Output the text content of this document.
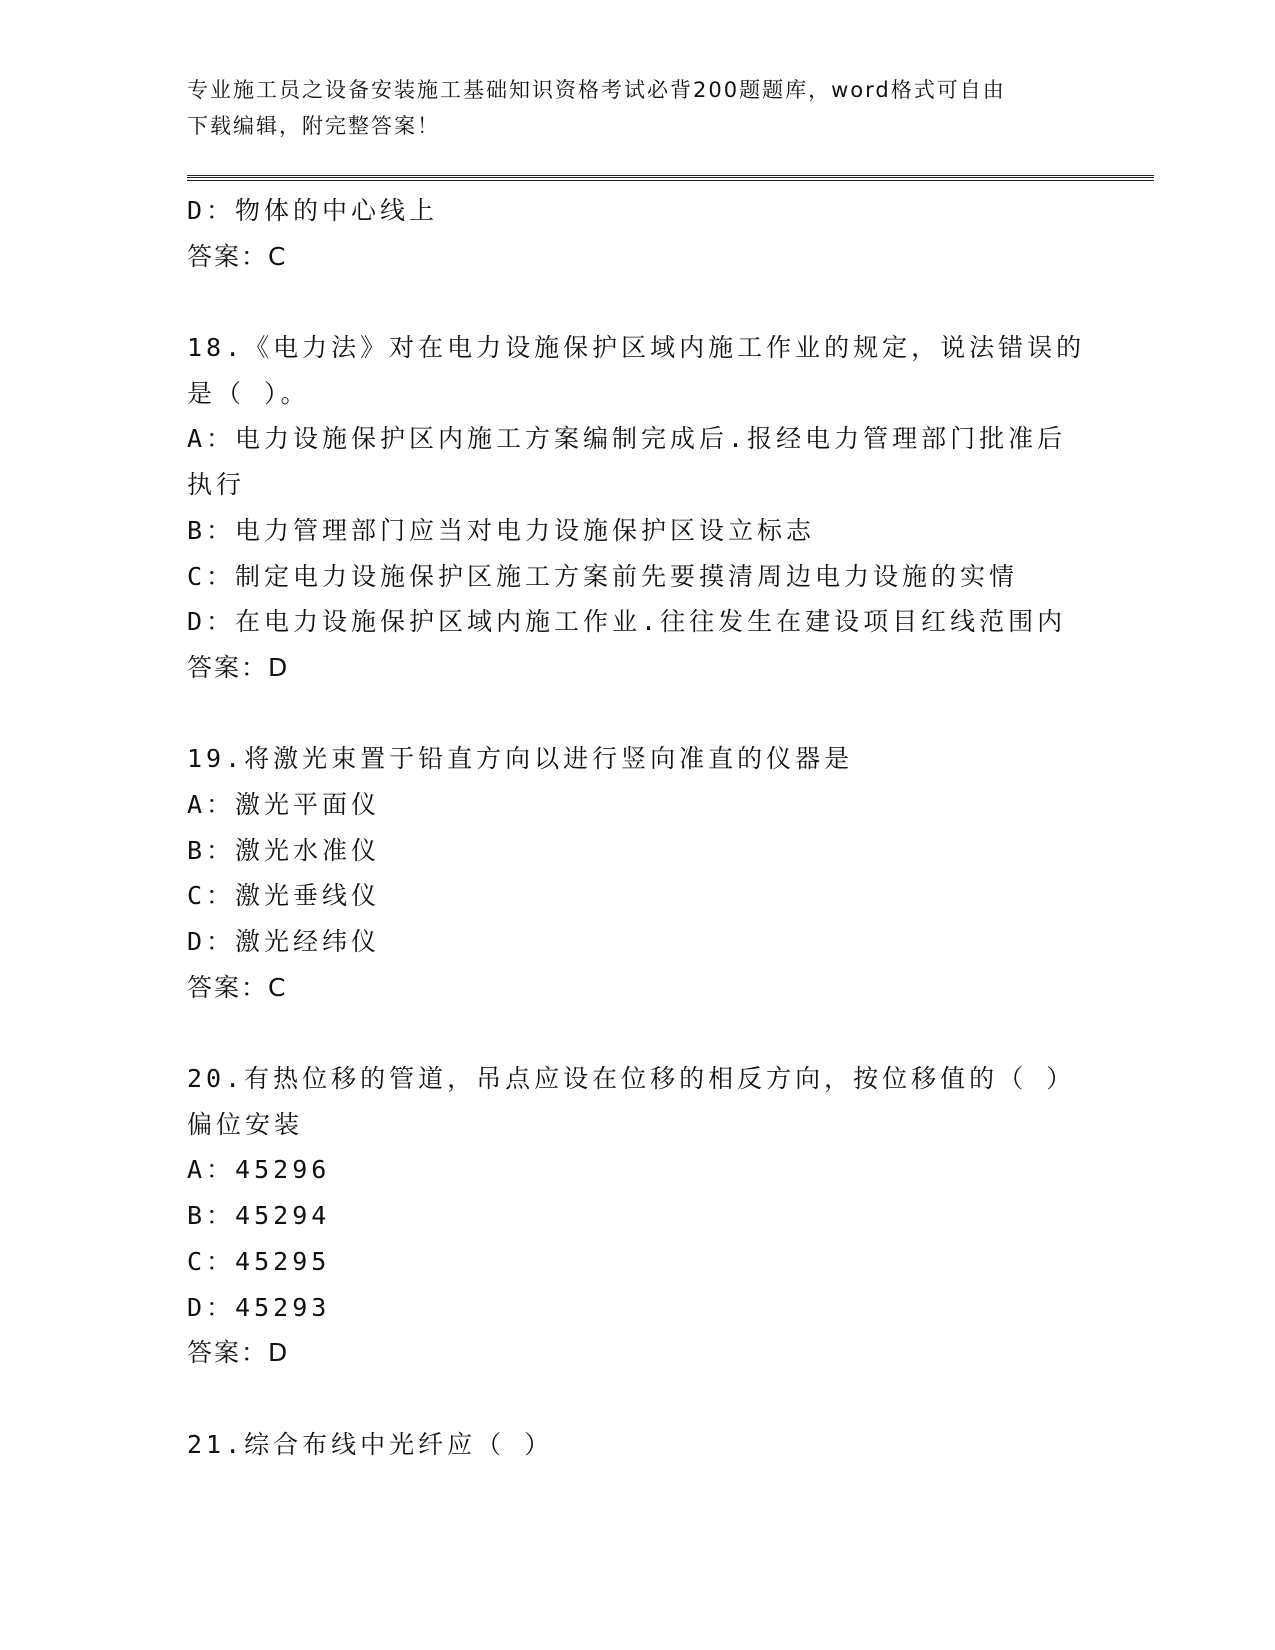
专业施工员之设备安装施工基础知识资格考试必背200题题库，word格式可自由
下载编辑，附完整答案！
D：物体的中心线上
答案：C
18.《电力法》对在电力设施保护区域内施工作业的规定，说法错误的
是（ ）。
A：电力设施保护区内施工方案编制完成后.报经电力管理部门批准后
执行
B：电力管理部门应当对电力设施保护区设立标志
C：制定电力设施保护区施工方案前先要摸清周边电力设施的实情
D：在电力设施保护区域内施工作业.往往发生在建设项目红线范围内
答案：D
19.将激光束置于铅直方向以进行竖向准直的仪器是
A：激光平面仪
B：激光水准仪
C：激光垂线仪
D：激光经纬仪
答案：C
20.有热位移的管道，吊点应设在位移的相反方向，按位移值的（ ）
偏位安装
A：45296
B：45294
C：45295
D：45293
答案：D
21.综合布线中光纤应（ ）
